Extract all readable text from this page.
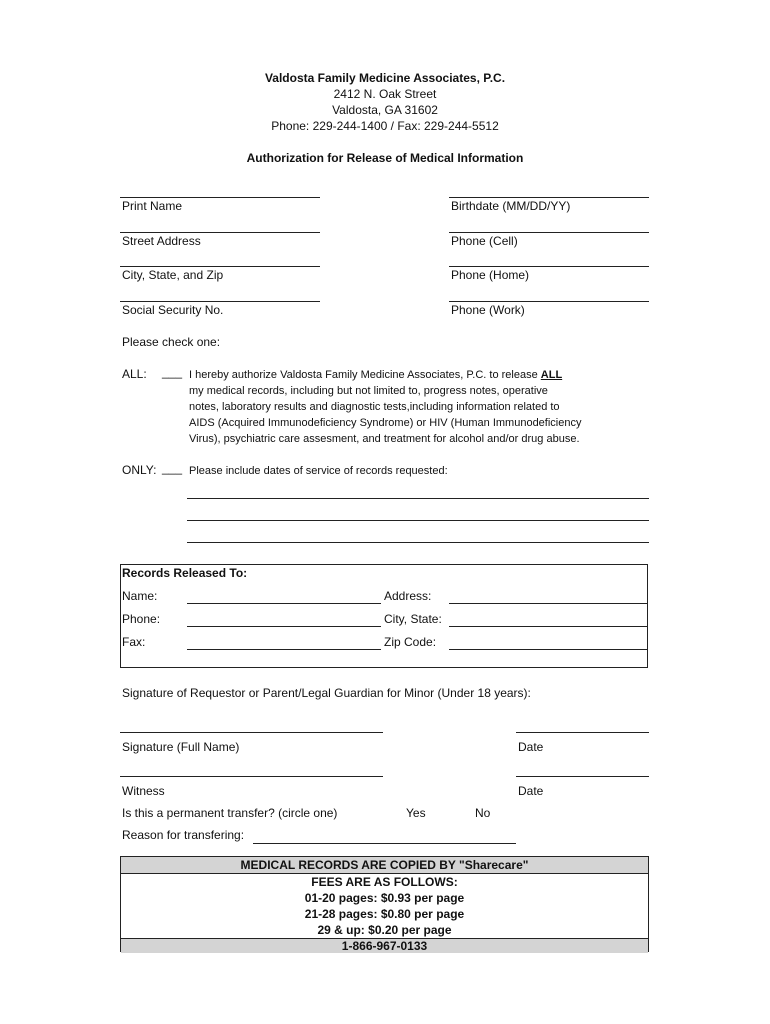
Valdosta Family Medicine Associates, P.C.
2412 N. Oak Street
Valdosta, GA 31602
Phone: 229-244-1400 / Fax: 229-244-5512
Authorization for Release of Medical Information
Print Name	Birthdate (MM/DD/YY)
Street Address	Phone (Cell)
City, State, and Zip	Phone (Home)
Social Security No.	Phone (Work)
Please check one:
ALL: ___ I hereby authorize Valdosta Family Medicine Associates, P.C. to release ALL
my medical records, including but not limited to, progress notes, operative
notes, laboratory results and diagnostic tests,including information related to
AIDS (Acquired Immunodeficiency Syndrome) or HIV (Human Immunodeficiency
Virus), psychiatric care assesment, and treatment for alcohol and/or drug abuse.
ONLY: ___ Please include dates of service of records requested:
Records Released To:
Name:	Address:
Phone:	City, State:
Fax:	Zip Code:
Signature of Requestor or Parent/Legal Guardian for Minor (Under 18 years):
Signature (Full Name)	Date
Witness	Date
Is this a permanent transfer? (circle one)	Yes	No
Reason for transfering:
MEDICAL RECORDS ARE COPIED BY "Sharecare"
FEES ARE AS FOLLOWS:
01-20 pages: $0.93 per page
21-28 pages: $0.80 per page
29 & up: $0.20 per page
1-866-967-0133
